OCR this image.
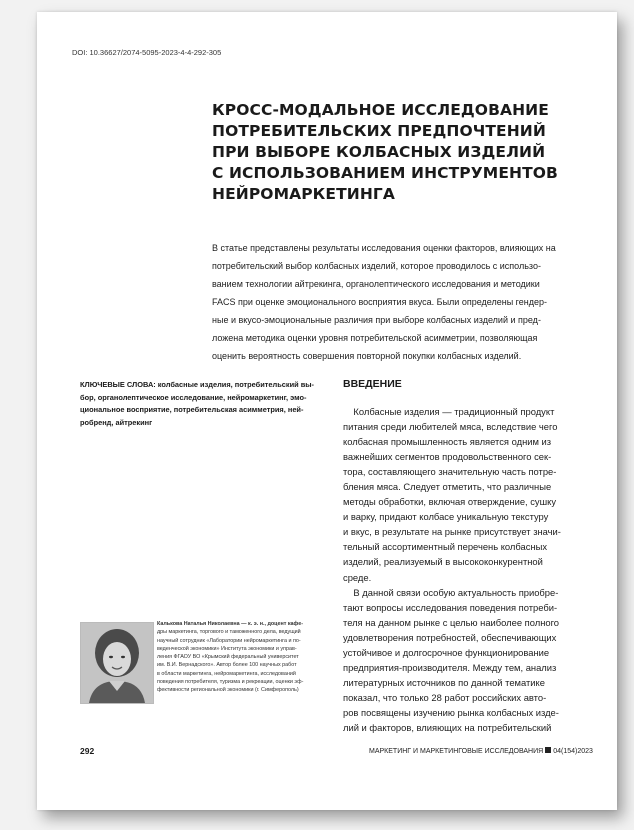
DOI: 10.36627/2074-5095-2023-4-4-292-305
КРОСС-МОДАЛЬНОЕ ИССЛЕДОВАНИЕ
ПОТРЕБИТЕЛЬСКИХ ПРЕДПОЧТЕНИЙ
ПРИ ВЫБОРЕ КОЛБАСНЫХ ИЗДЕЛИЙ
С ИСПОЛЬЗОВАНИЕМ ИНСТРУМЕНТОВ
НЕЙРОМАРКЕТИНГА
В статье представлены результаты исследования оценки факторов, влияющих на
потребительский выбор колбасных изделий, которое проводилось с использо-
ванием технологии айтрекинга, органолептического исследования и методики
FACS при оценке эмоционального восприятия вкуса. Были определены гендер-
ные и вкусо-эмоциональные различия при выборе колбасных изделий и пред-
ложена методика оценки уровня потребительской асимметрии, позволяющая
оценить вероятность совершения повторной покупки колбасных изделий.
КЛЮЧЕВЫЕ СЛОВА: колбасные изделия, потребительский вы-
бор, органолептическое исследование, нейромаркетинг, эмо-
циональное восприятие, потребительская асимметрия, ней-
робренд, айтрекинг
ВВЕДЕНИЕ
Колбасные изделия — традиционный продукт
питания среди любителей мяса, вследствие чего
колбасная промышленность является одним из
важнейших сегментов продовольственного сек-
тора, составляющего значительную часть потре-
бления мяса. Следует отметить, что различные
методы обработки, включая отверждение, сушку
и варку, придают колбасе уникальную текстуру
и вкус, в результате на рынке присутствует значи-
тельный ассортиментный перечень колбасных
изделий, реализуемый в высококонкурентной
среде.
В данной связи особую актуальность приобре-
тают вопросы исследования поведения потреби-
теля на данном рынке с целью наиболее полного
удовлетворения потребностей, обеспечивающих
устойчивое и долгосрочное функционирование
предприятия-производителя. Между тем, анализ
литературных источников по данной тематике
показал, что только 28 работ российских авто-
ров посвящены изучению рынка колбасных изде-
лий и факторов, влияющих на потребительский
Калькова Наталья Николаевна — к. э. н., доцент кафе-
дры маркетинга, торгового и таможенного дела, ведущий
научный сотрудник «Лаборатории нейромаркетинга и по-
веденческой экономики» Института экономики и управ-
ления ФГАОУ ВО «Крымский федеральный университет
им. В.И. Вернадского». Автор более 100 научных работ
в области маркетинга, нейромаркетинга, исследований
поведения потребителя, туризма и рекреации, оценки эф-
фективности региональной экономики (г. Симферополь)
292	МАРКЕТИНГ И МАРКЕТИНГОВЫЕ ИССЛЕДОВАНИЯ 04(154)2023
